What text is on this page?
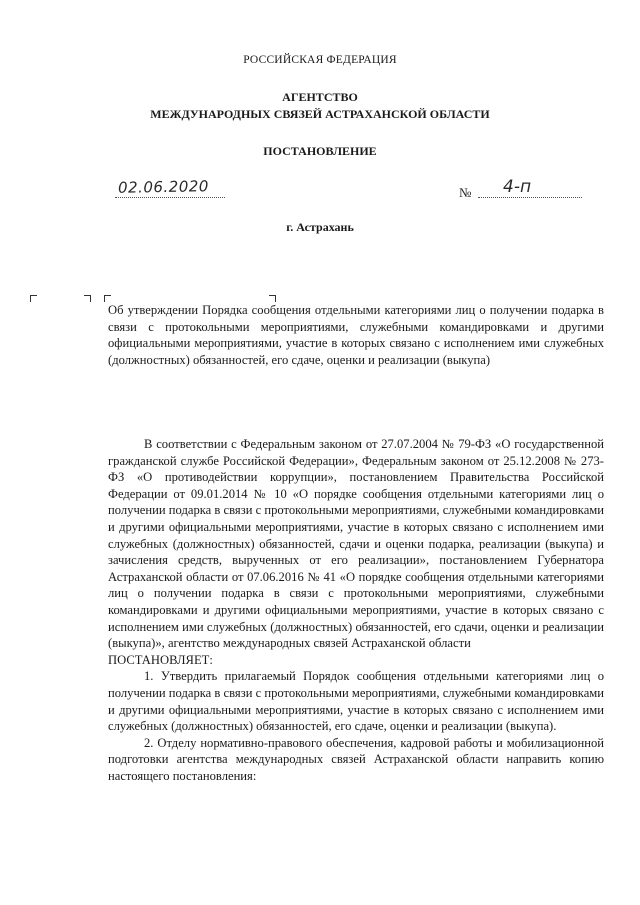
РОССИЙСКАЯ ФЕДЕРАЦИЯ
АГЕНТСТВО
МЕЖДУНАРОДНЫХ СВЯЗЕЙ АСТРАХАНСКОЙ ОБЛАСТИ
ПОСТАНОВЛЕНИЕ
02.06.2020	№ 4-п
г. Астрахань
Об утверждении Порядка сообщения отдельными категориями лиц о получении подарка в связи с протокольными мероприятиями, служебными командировками и другими официальными мероприятиями, участие в которых связано с исполнением ими служебных (должностных) обязанностей, его сдаче, оценки и реализации (выкупа)

В соответствии с Федеральным законом от 27.07.2004 № 79-ФЗ «О государственной гражданской службе Российской Федерации», Федеральным законом от 25.12.2008 № 273-ФЗ «О противодействии коррупции», постановлением Правительства Российской Федерации от 09.01.2014 № 10 «О порядке сообщения отдельными категориями лиц о получении подарка в связи с протокольными мероприятиями, служебными командировками и другими официальными мероприятиями, участие в которых связано с исполнением ими служебных (должностных) обязанностей, сдачи и оценки подарка, реализации (выкупа) и зачисления средств, вырученных от его реализации», постановлением Губернатора Астраханской области от 07.06.2016 № 41 «О порядке сообщения отдельными категориями лиц о получении подарка в связи с протокольными мероприятиями, служебными командировками и другими официальными мероприятиями, участие в которых связано с исполнением ими служебных (должностных) обязанностей, его сдачи, оценки и реализации (выкупа)», агентство международных связей Астраханской области

ПОСТАНОВЛЯЕТ:

1. Утвердить прилагаемый Порядок сообщения отдельными категориями лиц о получении подарка в связи с протокольными мероприятиями, служебными командировками и другими официальными мероприятиями, участие в которых связано с исполнением ими служебных (должностных) обязанностей, его сдаче, оценки и реализации (выкупа).

2. Отделу нормативно-правового обеспечения, кадровой работы и мобилизационной подготовки агентства международных связей Астраханской области направить копию настоящего постановления:
